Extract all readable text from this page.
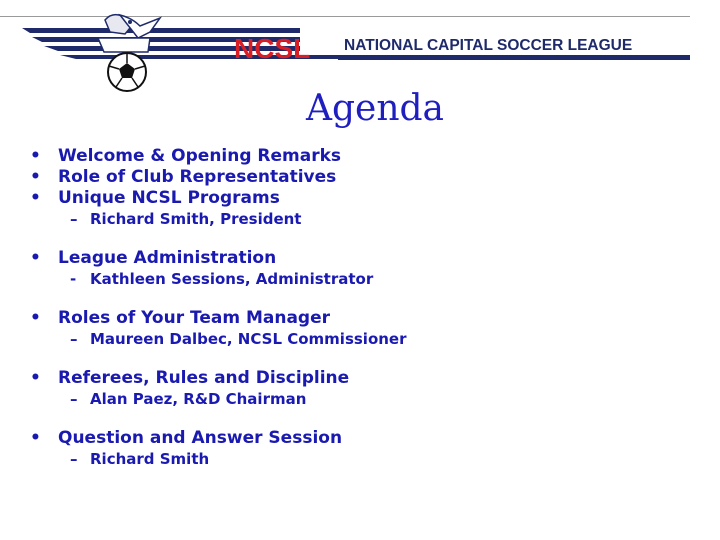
NCSL NATIONAL CAPITAL SOCCER LEAGUE
Agenda
• Welcome & Opening Remarks
• Role of Club Representatives
• Unique NCSL Programs
– Richard Smith, President
• League Administration
- Kathleen Sessions, Administrator
• Roles of Your Team Manager
– Maureen Dalbec, NCSL Commissioner
• Referees, Rules and Discipline
– Alan Paez, R&D Chairman
• Question and Answer Session
– Richard Smith
